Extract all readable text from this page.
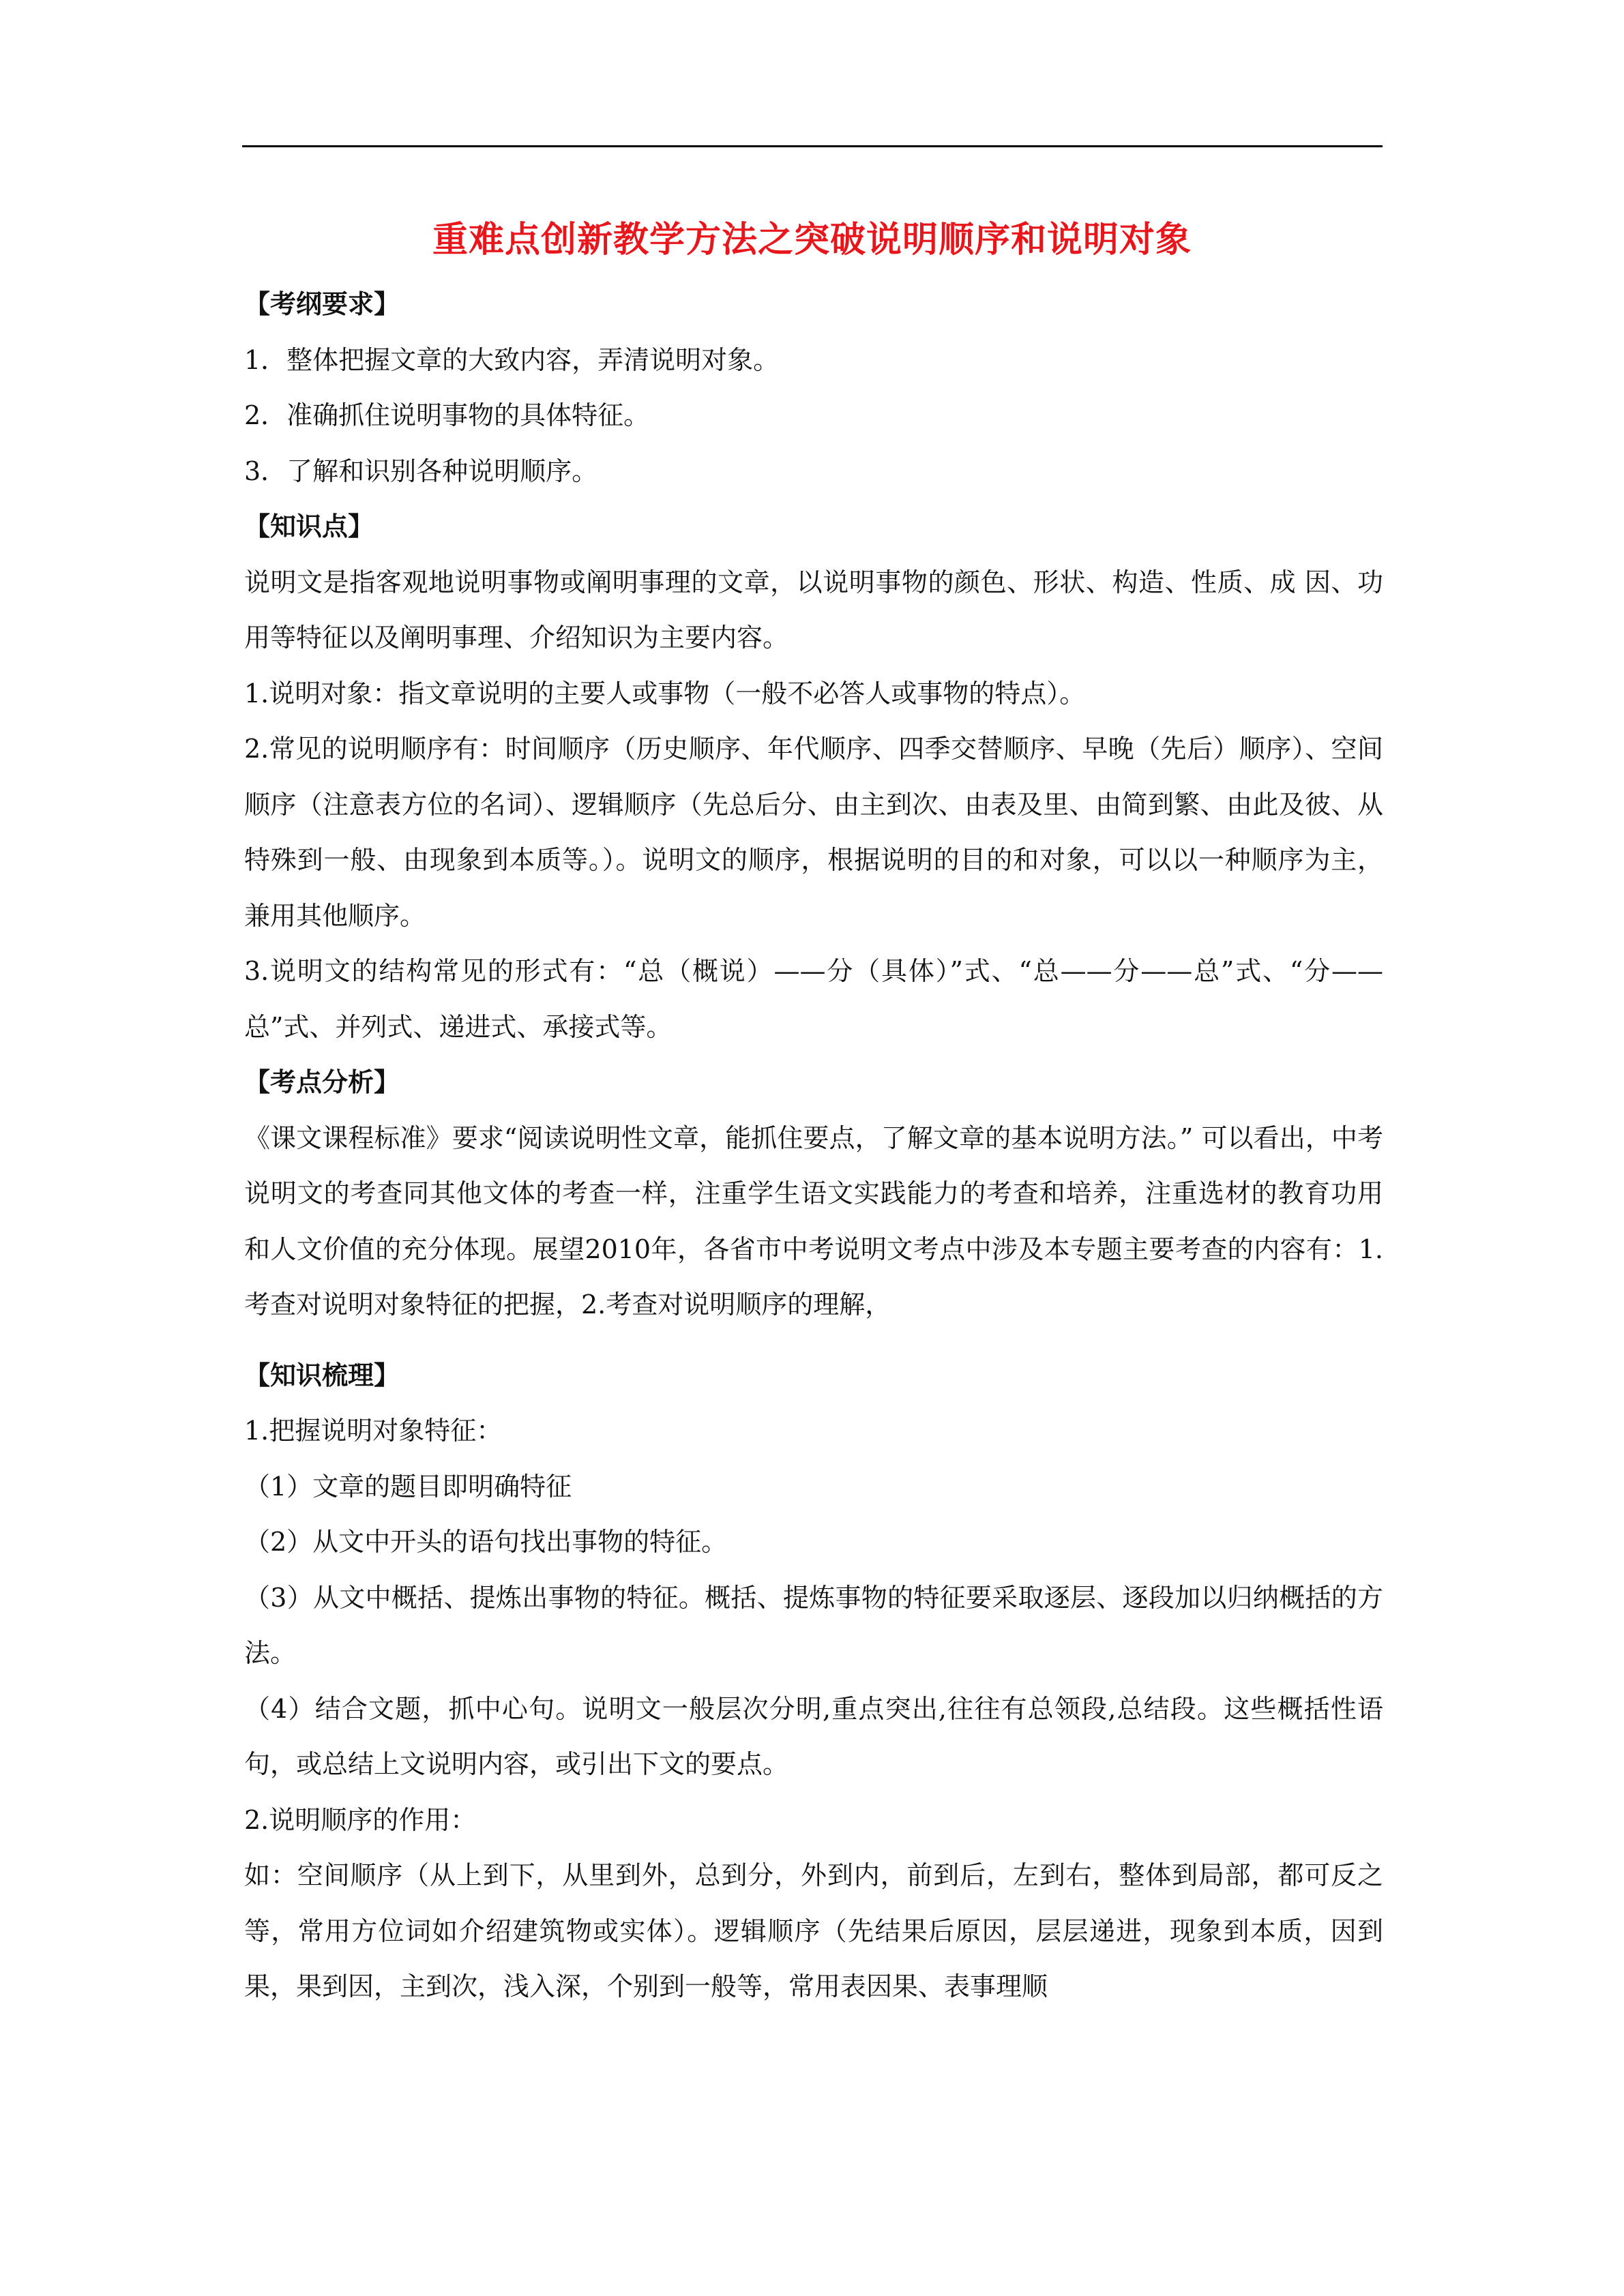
重难点创新教学方法之突破说明顺序和说明对象
【考纲要求】
1．整体把握文章的大致内容，弄清说明对象。
2．准确抓住说明事物的具体特征。
3．了解和识别各种说明顺序。
【知识点】
说明文是指客观地说明事物或阐明事理的文章，以说明事物的颜色、形状、构造、性质、成 因、功用等特征以及阐明事理、介绍知识为主要内容。
1.说明对象：指文章说明的主要人或事物（一般不必答人或事物的特点）。
2.常见的说明顺序有：时间顺序（历史顺序、年代顺序、四季交替顺序、早晚（先后）顺序）、空间顺序（注意表方位的名词）、逻辑顺序（先总后分、由主到次、由表及里、由简到繁、由此及彼、从特殊到一般、由现象到本质等。）。说明文的顺序，根据说明的目的和对象，可以以一种顺序为主，兼用其他顺序。
3.说明文的结构常见的形式有：“总（概说）——分（具体）”式、“总——分——总”式、“分——总”式、并列式、递进式、承接式等。
【考点分析】
《课文课程标准》要求“阅读说明性文章，能抓住要点，了解文章的基本说明方法。” 可以看出，中考说明文的考查同其他文体的考查一样，注重学生语文实践能力的考查和培养，注重选材的教育功用和人文价值的充分体现。展望2010年，各省市中考说明文考点中涉及本专题主要考查的内容有：1.考查对说明对象特征的把握，2.考查对说明顺序的理解，
【知识梳理】
1.把握说明对象特征：
（1）文章的题目即明确特征
（2）从文中开头的语句找出事物的特征。
（3）从文中概括、提炼出事物的特征。概括、提炼事物的特征要采取逐层、逐段加以归纳概括的方法。
（4）结合文题，抓中心句。说明文一般层次分明,重点突出,往往有总领段,总结段。这些概括性语句，或总结上文说明内容，或引出下文的要点。
2.说明顺序的作用：
如：空间顺序（从上到下，从里到外，总到分，外到内，前到后，左到右，整体到局部，都可反之等，常用方位词如介绍建筑物或实体）。逻辑顺序（先结果后原因，层层递进，现象到本质，因到果，果到因，主到次，浅入深，个别到一般等，常用表因果、表事理顺
